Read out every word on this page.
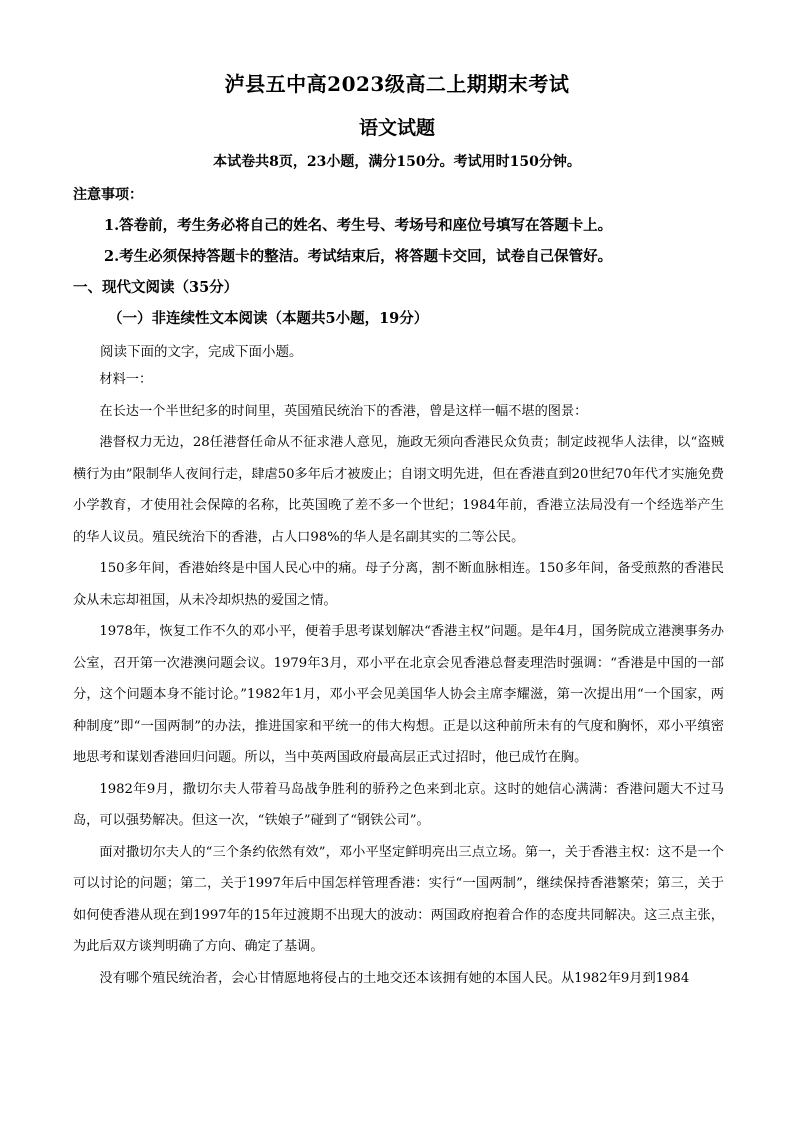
泸县五中高2023级高二上期期末考试
语文试题
本试卷共8页，23小题，满分150分。考试用时150分钟。
注意事项：
1.答卷前，考生务必将自己的姓名、考生号、考场号和座位号填写在答题卡上。
2.考生必须保持答题卡的整洁。考试结束后，将答题卡交回，试卷自己保管好。
一、现代文阅读（35分）
（一）非连续性文本阅读（本题共5小题，19分）
阅读下面的文字，完成下面小题。

材料一：

在长达一个半世纪多的时间里，英国殖民统治下的香港，曾是这样一幅不堪的图景：

港督权力无边，28任港督任命从不征求港人意见，施政无须向香港民众负责；制定歧视华人法律，以“盗贼横行为由”限制华人夜间行走，肆虐50多年后才被废止；自诩文明先进，但在香港直到20世纪70年代才实施免费小学教育，才使用社会保障的名称，比英国晚了差不多一个世纪；1984年前，香港立法局没有一个经选举产生的华人议员。殖民统治下的香港，占人口98%的华人是名副其实的二等公民。

150多年间，香港始终是中国人民心中的痛。母子分离，割不断血脉相连。150多年间，备受煎熬的香港民众从未忘却祖国，从未冷却炽热的爱国之情。

1978年，恢复工作不久的邓小平，便着手思考谋划解决“香港主权”问题。是年4月，国务院成立港澳事务办公室，召开第一次港澳问题会议。1979年3月，邓小平在北京会见香港总督麦理浩时强调：“香港是中国的一部分，这个问题本身不能讨论。”1982年1月，邓小平会见美国华人协会主席李耀滋，第一次提出用“一个国家，两种制度”即“一国两制”的办法，推进国家和平统一的伟大构想。正是以这种前所未有的气度和胸怀，邓小平缜密地思考和谋划香港回归问题。所以，当中英两国政府最高层正式过招时，他已成竹在胸。

1982年9月，撒切尔夫人带着马岛战争胜利的骄矜之色来到北京。这时的她信心满满：香港问题大不过马岛，可以强势解决。但这一次，“铁娘子”碰到了“钢铁公司”。

面对撒切尔夫人的“三个条约依然有效”，邓小平坚定鲜明亮出三点立场。第一，关于香港主权：这不是一个可以讨论的问题；第二，关于1997年后中国怎样管理香港：实行“一国两制”，继续保持香港繁荣；第三，关于如何使香港从现在到1997年的15年过渡期不出现大的波动：两国政府抱着合作的态度共同解决。这三点主张，为此后双方谈判明确了方向、确定了基调。

没有哪个殖民统治者，会心甘情愿地将侵占的土地交还本该拥有她的本国人民。从1982年9月到1984
